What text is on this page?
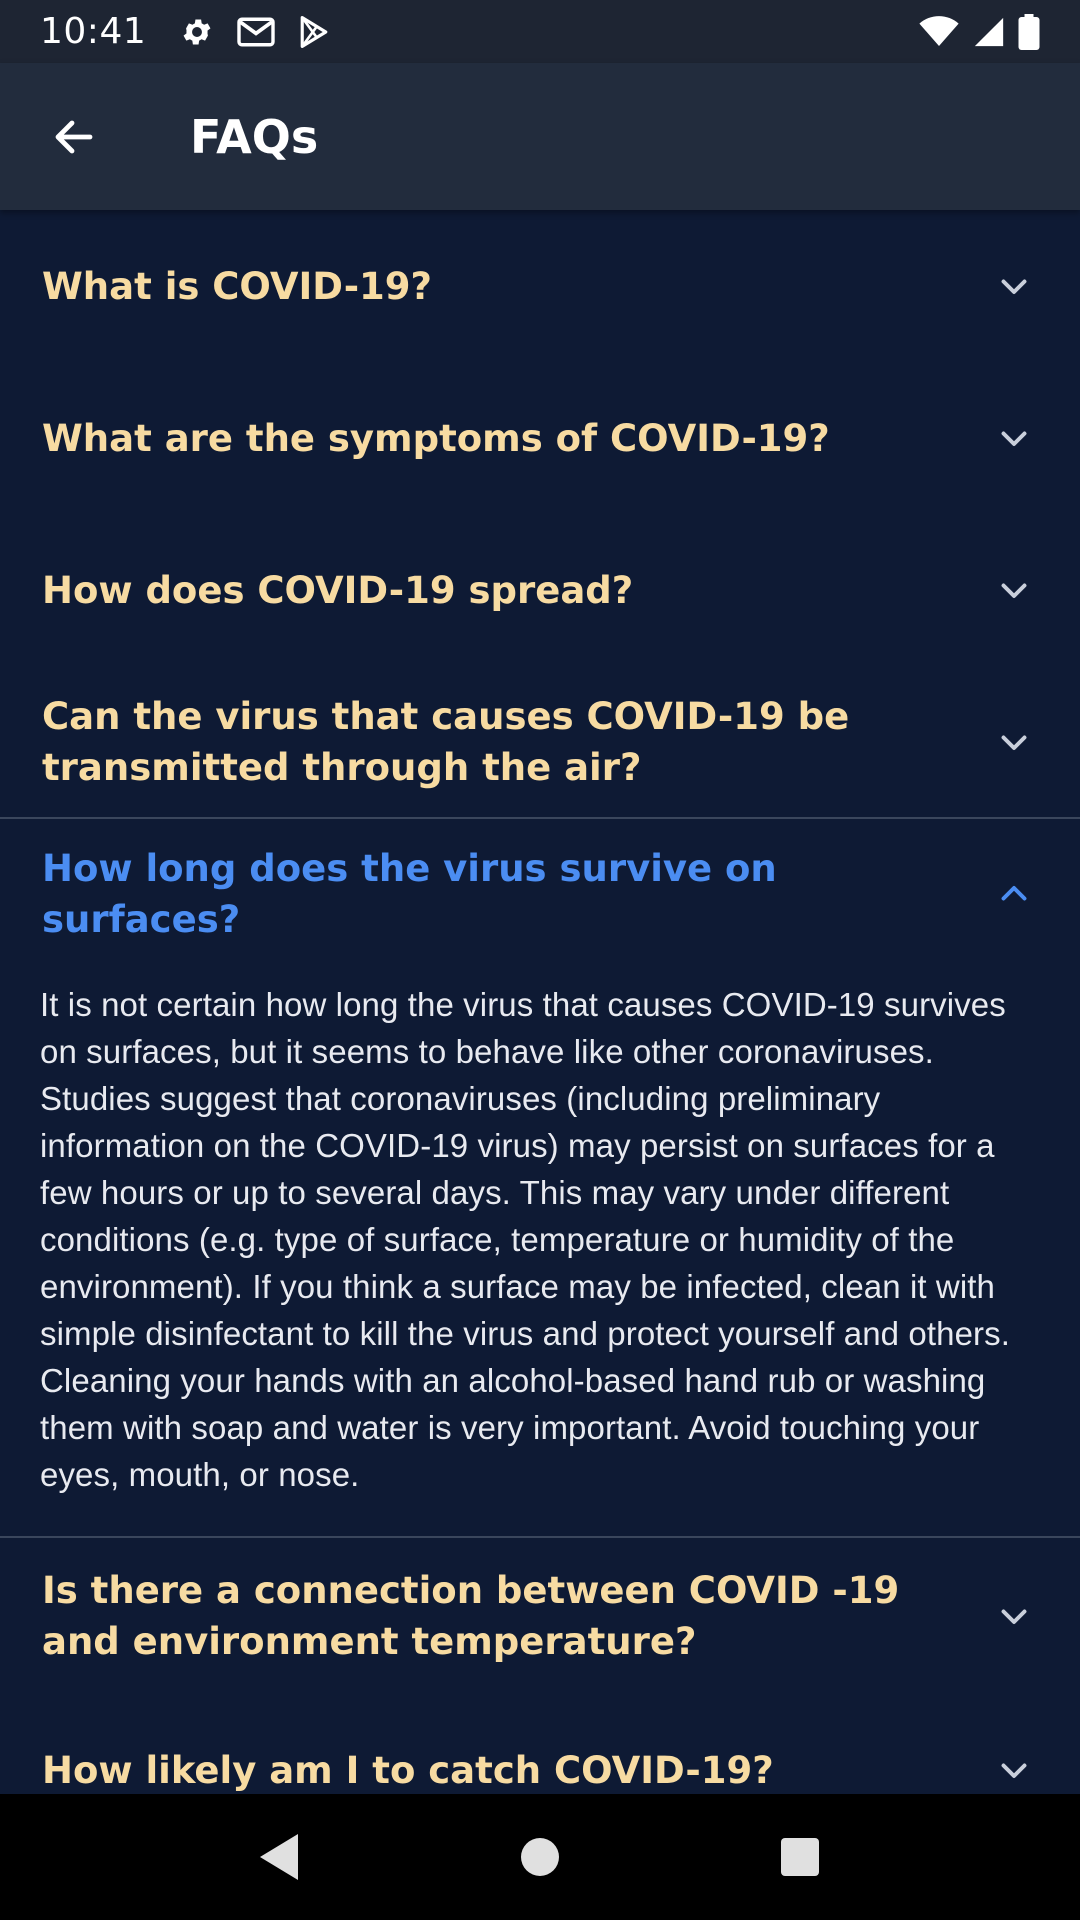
10:41
FAQs
What is COVID-19?
What are the symptoms of COVID-19?
How does COVID-19 spread?
Can the virus that causes COVID-19 be transmitted through the air?
How long does the virus survive on surfaces?
It is not certain how long the virus that causes COVID-19 survives on surfaces, but it seems to behave like other coronaviruses. Studies suggest that coronaviruses (including preliminary information on the COVID-19 virus) may persist on surfaces for a few hours or up to several days. This may vary under different conditions (e.g. type of surface, temperature or humidity of the environment). If you think a surface may be infected, clean it with simple disinfectant to kill the virus and protect yourself and others. Cleaning your hands with an alcohol-based hand rub or washing them with soap and water is very important. Avoid touching your eyes, mouth, or nose.
Is there a connection between COVID -19 and environment temperature?
How likely am I to catch COVID-19?
